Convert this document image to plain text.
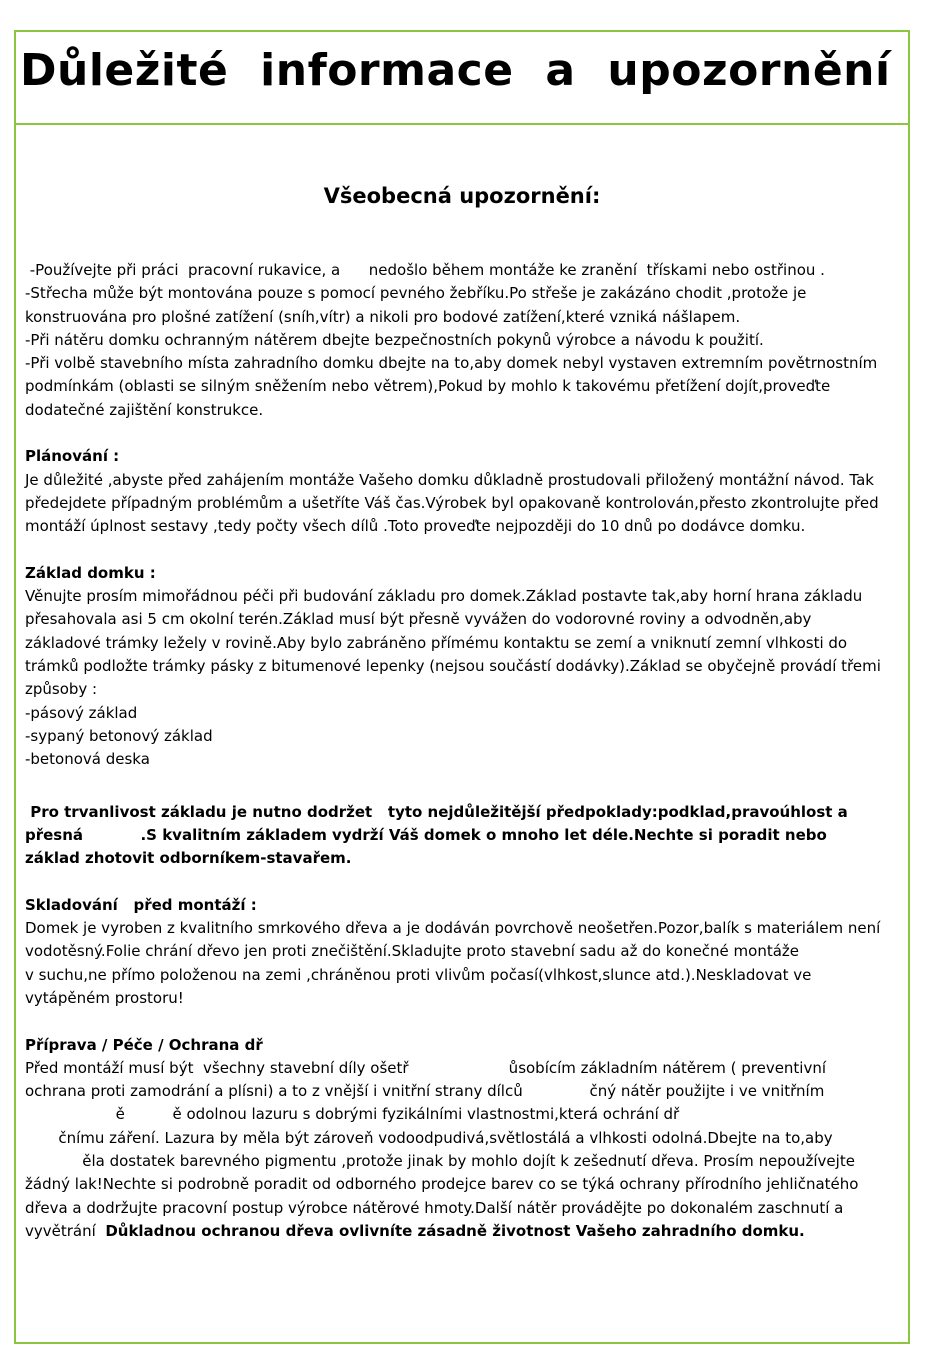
Důležité informace a upozornění
Všeobecná upozornění:
-Používejte při práci  pracovní rukavice, a      nedošlo během montáže ke zranění  třískami nebo ostřinou .
-Střecha může být montována pouze s pomocí pevného žebříku.Po střeše je zakázáno chodit ,protože je
konstruována pro plošné zatížení (sníh,vítr) a nikoli pro bodové zatížení,které vzniká nášlapem.
-Při nátěru domku ochranným nátěrem dbejte bezpečnostních pokynů výrobce a návodu k použití.
-Při volbě stavebního místa zahradního domku dbejte na to,aby domek nebyl vystaven extremním povětrnostním
podmínkám (oblasti se silným sněžením nebo větrem),Pokud by mohlo k takovému přetížení dojít,proveďte
dodatečné zajištění konstrukce.
Plánování :
Je důležité ,abyste před zahájením montáže Vašeho domku důkladně prostudovali přiložený montážní návod. Tak
předejdete případným problémům a ušetříte Váš čas.Výrobek byl opakovaně kontrolován,přesto zkontrolujte před
montáží úplnost sestavy ,tedy počty všech dílů .Toto proveďte nejpozději do 10 dnů po dodávce domku.
Základ domku :
Věnujte prosím mimořádnou péči při budování základu pro domek.Základ postavte tak,aby horní hrana základu
přesahovala asi 5 cm okolní terén.Základ musí být přesně vyvážen do vodorovné roviny a odvodněn,aby
základové trámky ležely v rovině.Aby bylo zabráněno přímému kontaktu se zemí a vniknutí zemní vlhkosti do
trámků podložte trámky pásky z bitumenové lepenky (nejsou součástí dodávky).Základ se obyčejně provádí třemi
způsoby :
-pásový základ
-sypaný betonový základ
-betonová deska
Pro trvanlivost základu je nutno dodržet   tyto nejdůležitější předpoklady:podklad,pravoúhlost a
přesná           .S kvalitním základem vydrží Váš domek o mnoho let déle.Nechte si poradit nebo
základ zhotovit odborníkem-stavařem.
Skladování   před montáží :
Domek je vyroben z kvalitního smrkového dřeva a je dodáván povrchově neošetřen.Pozor,balík s materiálem není
vodotěsný.Folie chrání dřevo jen proti znečištění.Skladujte proto stavební sadu až do konečné montáže
v suchu,ne přímo položenou na zemi ,chráněnou proti vlivům počasí(vlhkost,slunce atd.).Neskladovat ve
vytápěném prostoru!
Příprava / Péče / Ochrana dř
Před montáží musí být  všechny stavební díly ošetř                     ůsobícím základním nátěrem ( preventivní
ochrana proti zamodrání a plísni) a to z vnější i vnitřní strany dílců              čný nátěr použijte i ve vnitřním
ě          ě odolnou lazuru s dobrými fyzikálními vlastnostmi,která ochrání dř
čnímu záření. Lazura by měla být zároveň vodoodpudivá,světlostálá a vlhkosti odolná.Dbejte na to,aby
ěla dostatek barevného pigmentu ,protože jinak by mohlo dojít k zešednutí dřeva. Prosím nepoužívejte
žádný lak!Nechte si podrobně poradit od odborného prodejce barev co se týká ochrany přírodního jehličnatého
dřeva a dodržujte pracovní postup výrobce nátěrové hmoty.Další nátěr provádějte po dokonalém zaschnutí a
vyvětrání  Důkladnou ochranou dřeva ovlivníte zásadně životnost Vašeho zahradního domku.
